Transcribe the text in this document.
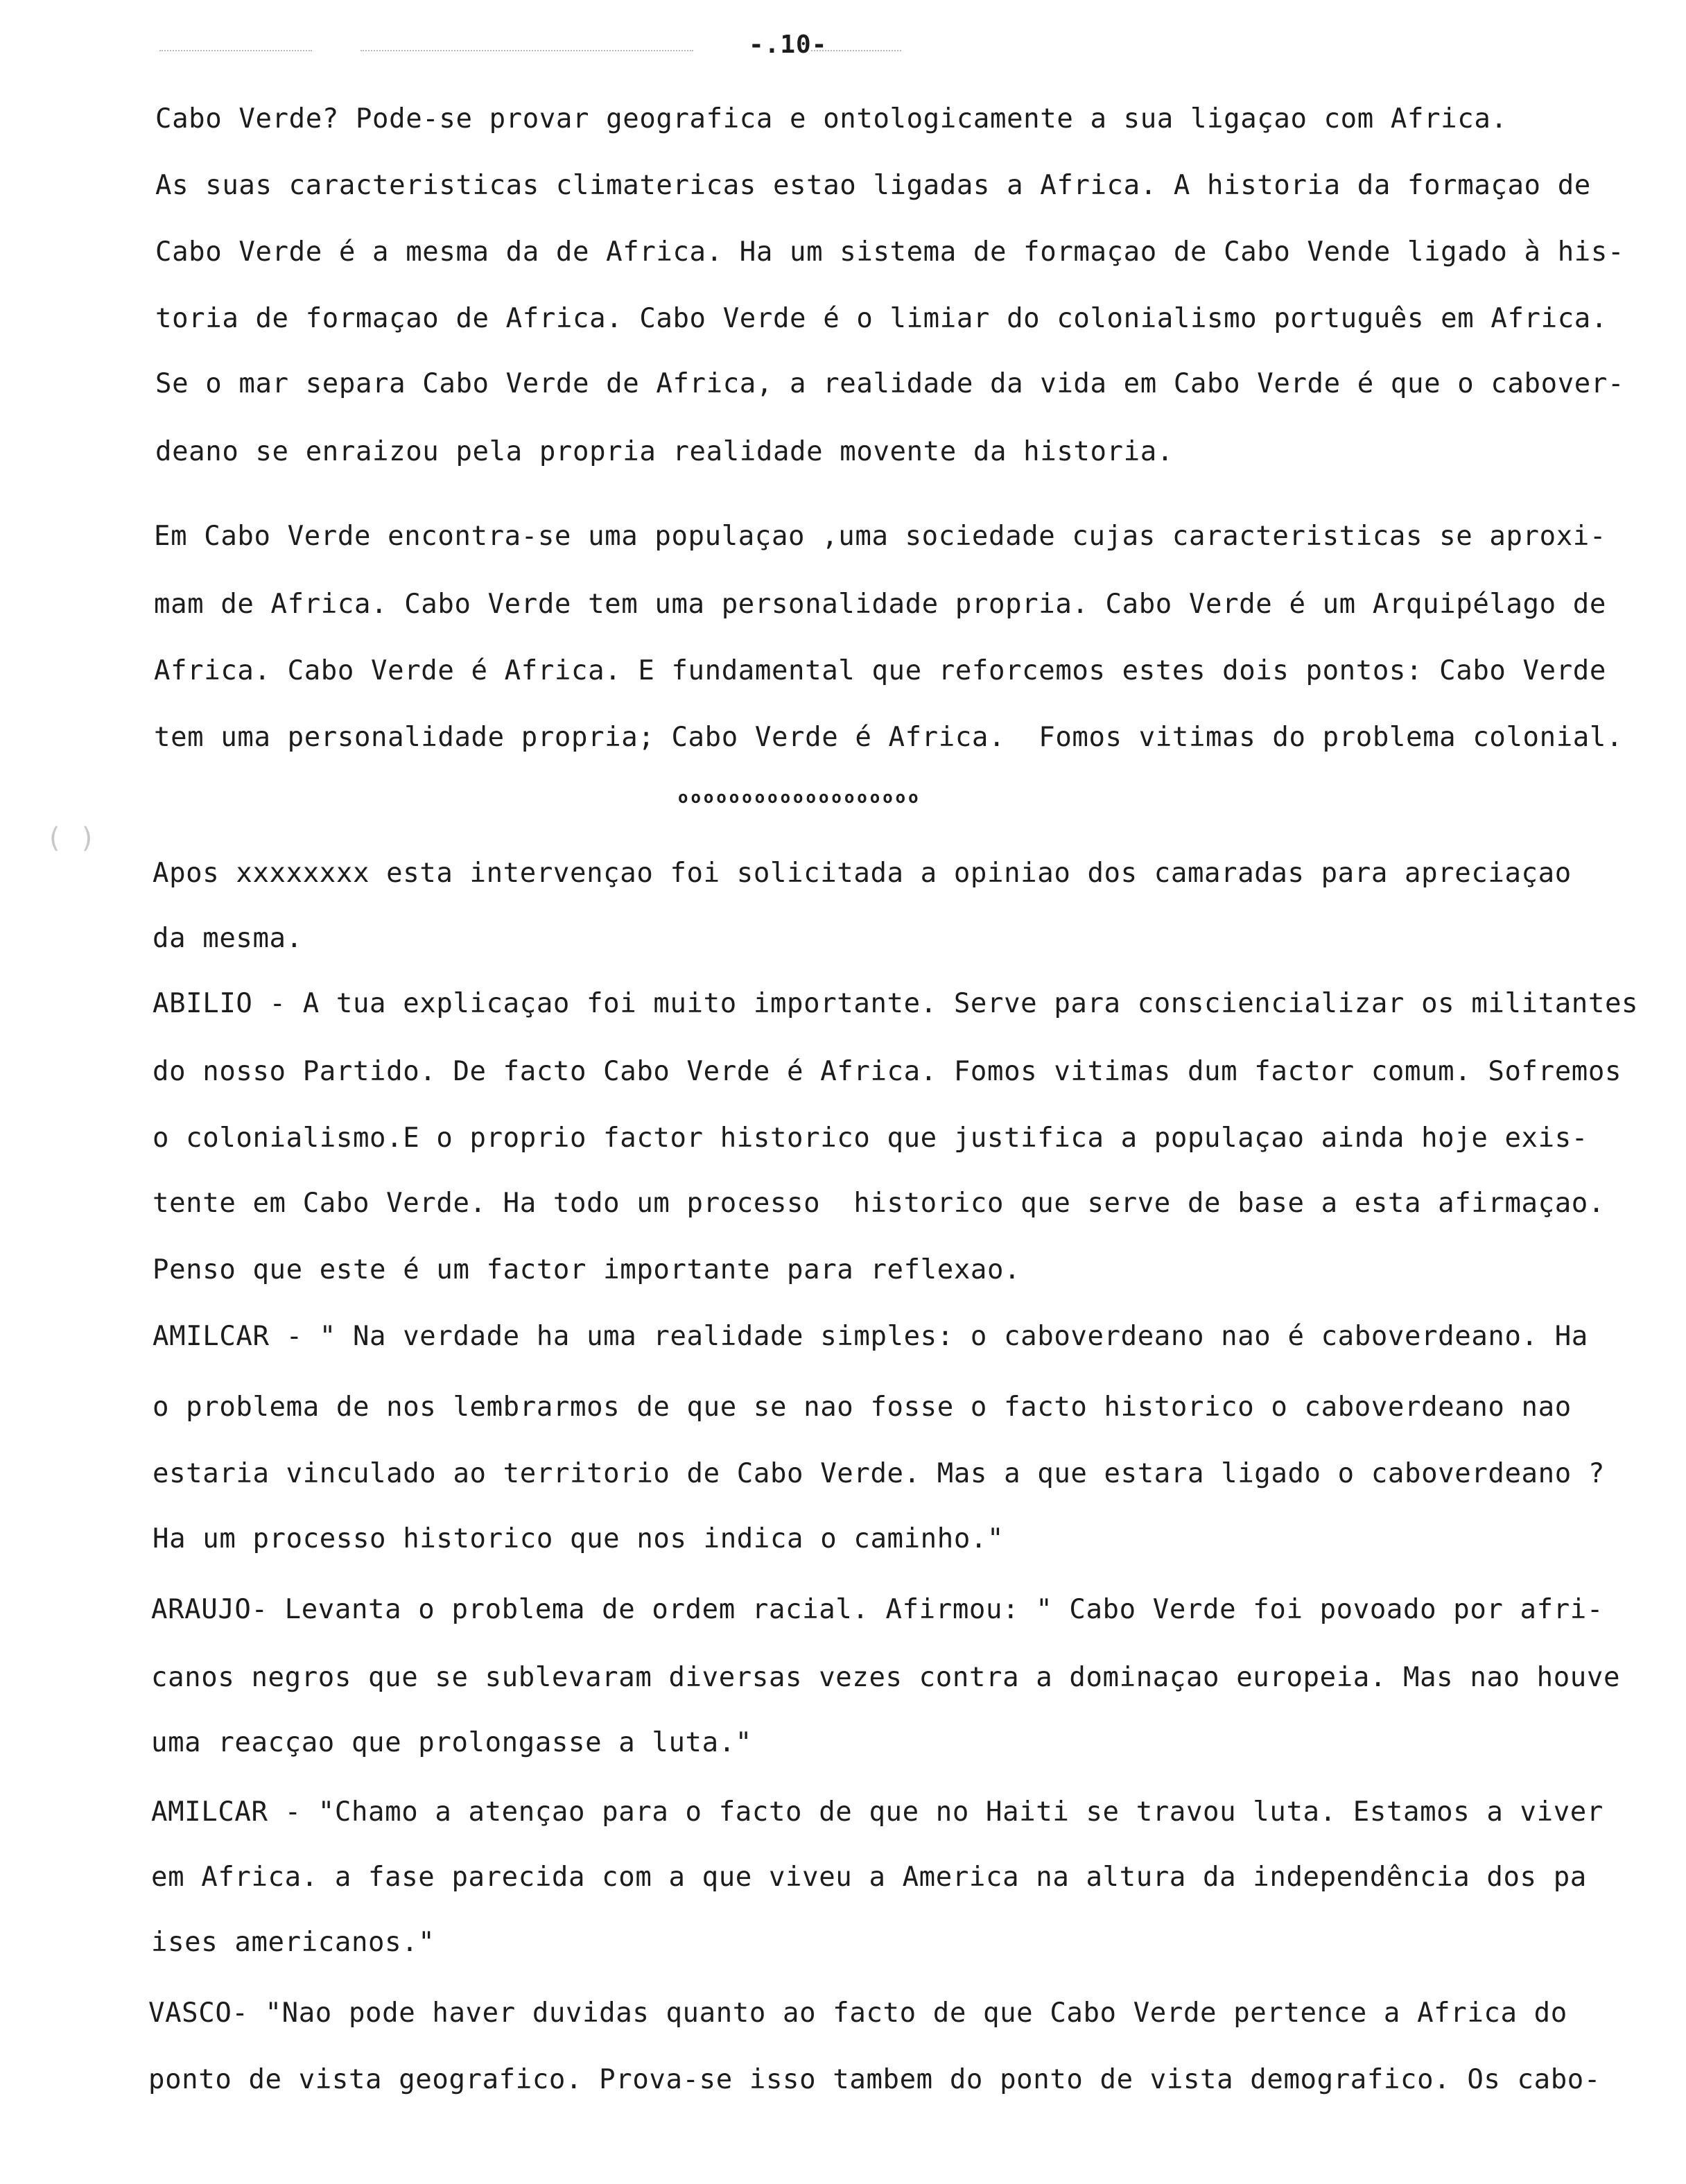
-.10-

Cabo Verde? Pode-se provar geografica e ontologicamente a sua ligaçao com Africa.

As suas caracteristicas climatericas estao ligadas a Africa. A historia da formaçao de

Cabo Verde é a mesma da de Africa. Ha um sistema de formaçao de Cabo Vende ligado à his-

toria de formaçao de Africa. Cabo Verde é o limiar do colonialismo português em Africa.

Se o mar separa Cabo Verde de Africa, a realidade da vida em Cabo Verde é que o cabover-

deano se enraizou pela propria realidade movente da historia.

Em Cabo Verde encontra-se uma populaçao ,uma sociedade cujas caracteristicas se aproxi-

mam de Africa. Cabo Verde tem uma personalidade propria. Cabo Verde é um Arquipélago de

Africa. Cabo Verde é Africa. E fundamental que reforcemos estes dois pontos: Cabo Verde

tem uma personalidade propria; Cabo Verde é Africa.  Fomos vitimas do problema colonial.

ooooooooooooooooooo
( )

Apos xxxxxxxx esta intervençao foi solicitada a opiniao dos camaradas para apreciaçao

da mesma.

ABILIO - A tua explicaçao foi muito importante. Serve para consciencializar os militantes

do nosso Partido. De facto Cabo Verde é Africa. Fomos vitimas dum factor comum. Sofremos

o colonialismo.E o proprio factor historico que justifica a populaçao ainda hoje exis-

tente em Cabo Verde. Ha todo um processo  historico que serve de base a esta afirmaçao.

Penso que este é um factor importante para reflexao.

AMILCAR - " Na verdade ha uma realidade simples: o caboverdeano nao é caboverdeano. Ha

o problema de nos lembrarmos de que se nao fosse o facto historico o caboverdeano nao

estaria vinculado ao territorio de Cabo Verde. Mas a que estara ligado o caboverdeano ?

Ha um processo historico que nos indica o caminho."

ARAUJO- Levanta o problema de ordem racial. Afirmou: " Cabo Verde foi povoado por afri-

canos negros que se sublevaram diversas vezes contra a dominaçao europeia. Mas nao houve

uma reacçao que prolongasse a luta."

AMILCAR - "Chamo a atençao para o facto de que no Haiti se travou luta. Estamos a viver

em Africa. a fase parecida com a que viveu a America na altura da independência dos pa

ises americanos."

VASCO- "Nao pode haver duvidas quanto ao facto de que Cabo Verde pertence a Africa do

ponto de vista geografico. Prova-se isso tambem do ponto de vista demografico. Os cabo-
